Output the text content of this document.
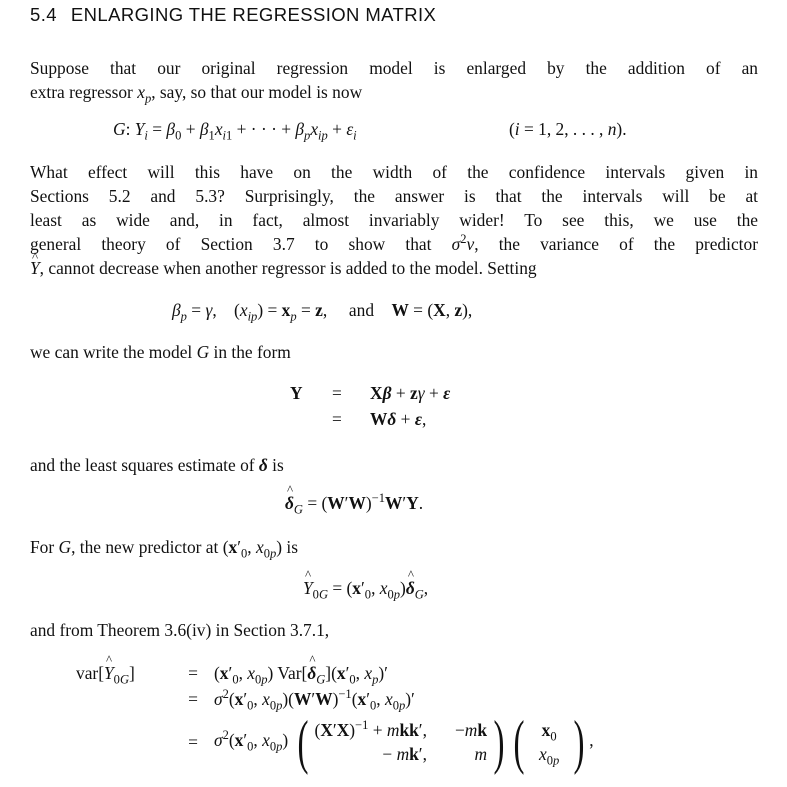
5.4 ENLARGING THE REGRESSION MATRIX
Suppose that our original regression model is enlarged by the addition of an
extra regressor $x_p$, say, so that our model is now
G: $Y_i = \beta_0 + \beta_1x_{i1}$ + · · · + $\beta_px_{ip} + \varepsilon_i$	(i = 1, 2, . . . , n).
What effect will this have on the width of the confidence intervals given in
Sections 5.2 and 5.3? Surprisingly, the answer is that the intervals will be at
least as wide and, in fact, almost invariably wider! To see this, we use the
general theory of Section 3.7 to show that $\sigma^2v$, the variance of the predictor
^ Y, cannot decrease when another regressor is added to the model. Setting
$\beta_p = \gamma$,    $(x_{ip}) = x_p = z$,     and    W = (X, z),
we can write the model G in the form
Y	=	Xβ + zγ + ε
	=	Wδ + ε,
and the least squares estimate of δ is
^ $\delta_G = (W'W)^{-1}W'Y$.
For G, the new predictor at ($x'_0$, $x_{0p}$) is
^ $Y_{0G} = (x'_0$, $x_{0p})\^{}$ $\delta_G$,
and from Theorem 3.6(iv) in Section 3.7.1,
var[^ $Y_{0G}$]	=	($x'_0$, $x_{0p}$) Var[^ $\delta_G](x'_0$, $x_p)'$
	=	$\sigma^2(x'_0$, $x_{0p})(W'W)^{-1}(x'_0$, $x_{0p})'$
	=	$\sigma^2(x'_0$, $x_{0p}$) ( $(X'X)^{-1} + mkk'$,	−mk
− mk′,	m ) ( $x_0$
$x_{0p}$ ) ,
